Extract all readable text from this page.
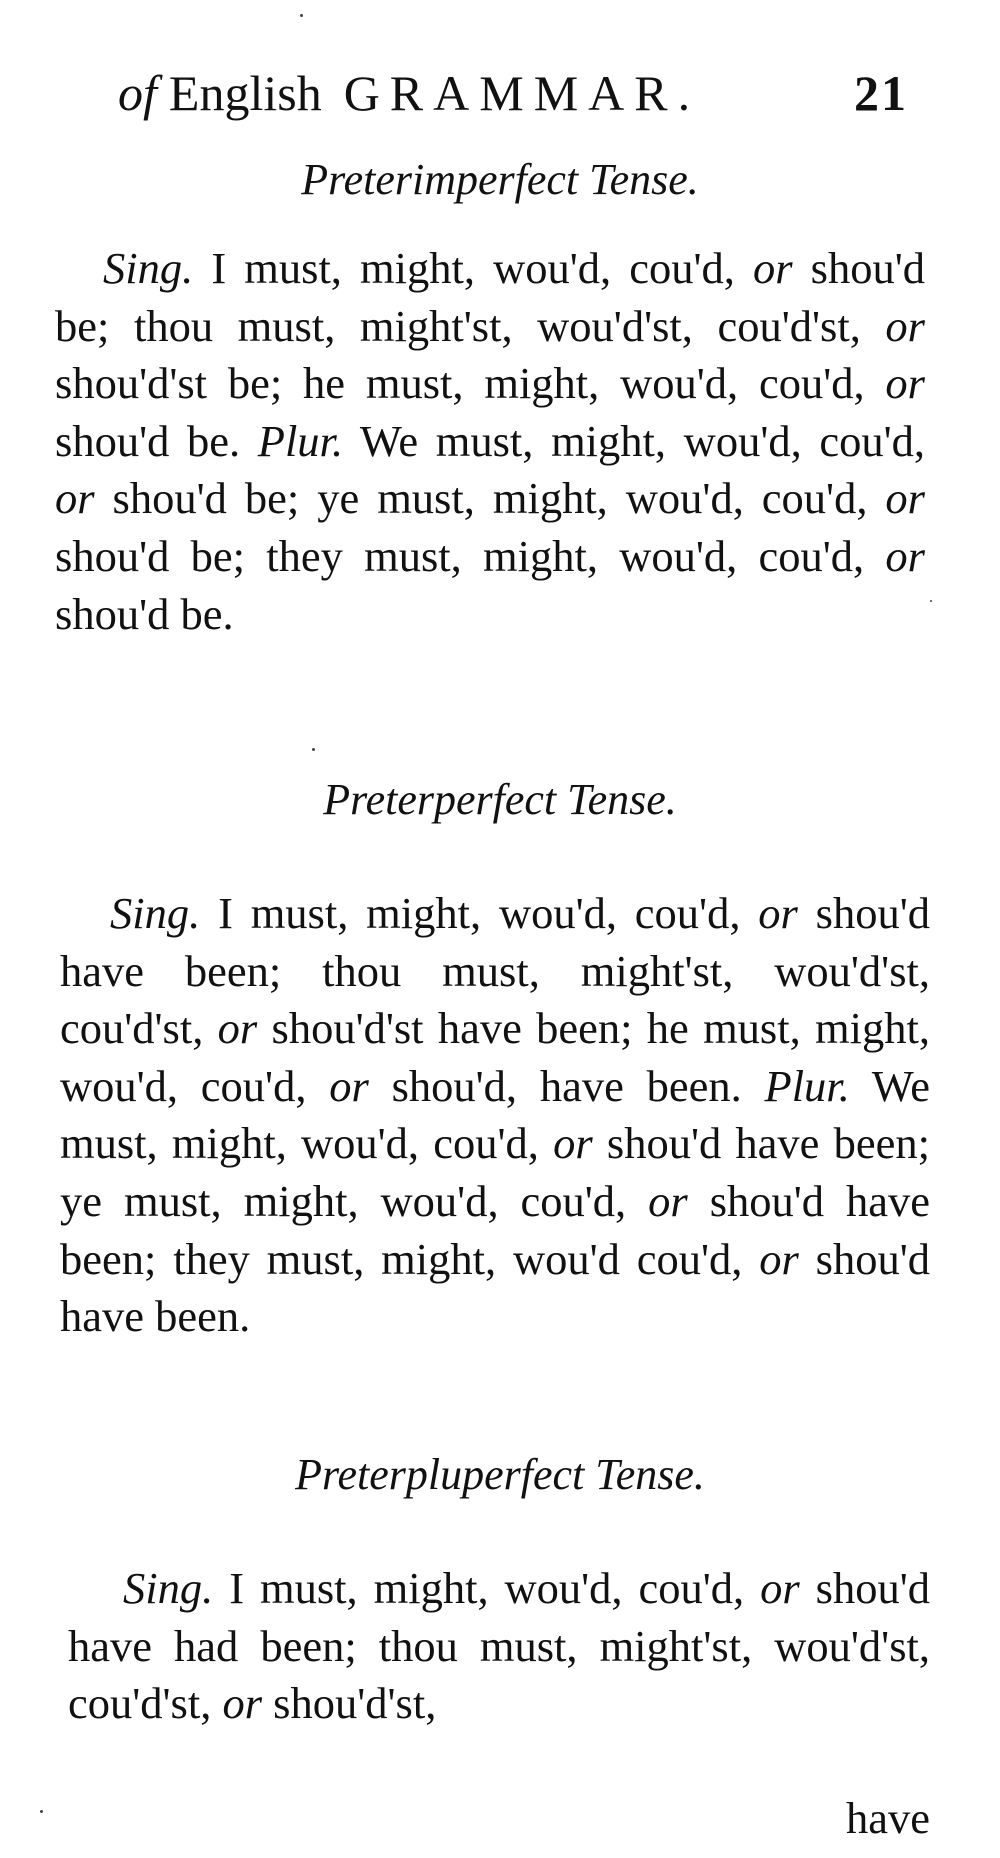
of English GRAMMAR.	21
Preterimperfect Tense.
Sing. I must, might, wou'd, cou'd, or shou'd be; thou must, might'st, wou'd'st, cou'd'st, or shou'd'st be; he must, might, wou'd, cou'd, or shou'd be. Plur. We must, might, wou'd, cou'd, or shou'd be; ye must, might, wou'd, cou'd, or shou'd be; they must, might, wou'd, cou'd, or shou'd be.
Preterperfect Tense.
Sing. I must, might, wou'd, cou'd, or shou'd have been; thou must, might'st, wou'd'st, cou'd'st, or shou'd'st have been; he must, might, wou'd, cou'd, or shou'd, have been. Plur. We must, might, wou'd, cou'd, or shou'd have been; ye must, might, wou'd, cou'd, or shou'd have been; they must, might, wou'd cou'd, or shou'd have been.
Preterpluperfect Tense.
Sing. I must, might, wou'd, cou'd, or shou'd have had been; thou must, might'st, wou'd'st, cou'd'st, or shou'd'st,
have
